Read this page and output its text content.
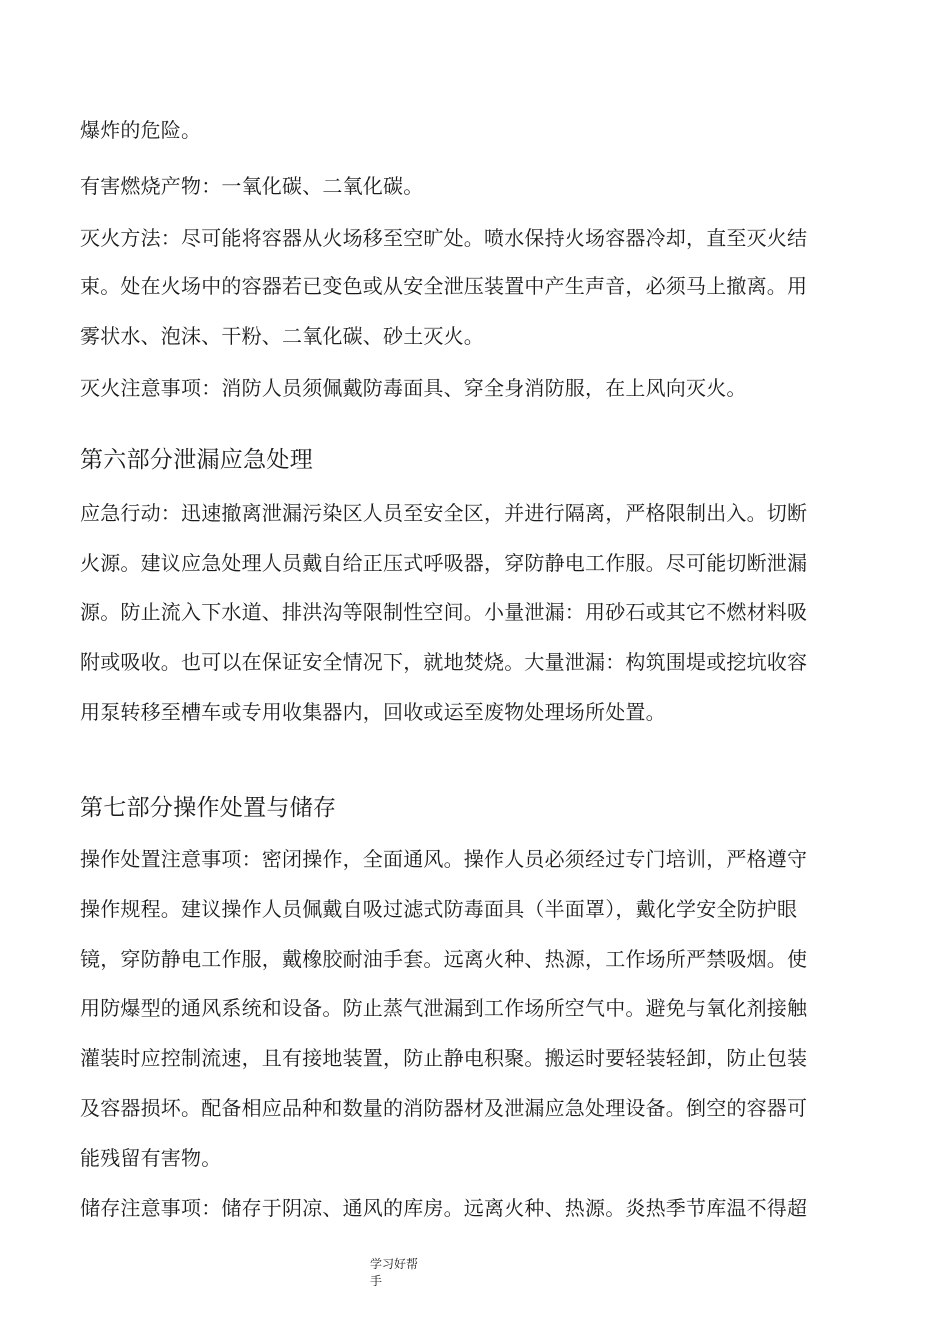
爆炸的危险。
有害燃烧产物：一氧化碳、二氧化碳。
灭火方法：尽可能将容器从火场移至空旷处。喷水保持火场容器冷却，直至灭火结
束。处在火场中的容器若已变色或从安全泄压装置中产生声音，必须马上撤离。用
雾状水、泡沫、干粉、二氧化碳、砂土灭火。
灭火注意事项：消防人员须佩戴防毒面具、穿全身消防服，在上风向灭火。
第六部分泄漏应急处理
应急行动：迅速撤离泄漏污染区人员至安全区，并进行隔离，严格限制出入。切断
火源。建议应急处理人员戴自给正压式呼吸器，穿防静电工作服。尽可能切断泄漏
源。防止流入下水道、排洪沟等限制性空间。小量泄漏：用砂石或其它不燃材料吸
附或吸收。也可以在保证安全情况下，就地焚烧。大量泄漏：构筑围堤或挖坑收容
用泵转移至槽车或专用收集器内，回收或运至废物处理场所处置。
第七部分操作处置与储存
操作处置注意事项：密闭操作，全面通风。操作人员必须经过专门培训，严格遵守
操作规程。建议操作人员佩戴自吸过滤式防毒面具（半面罩），戴化学安全防护眼
镜，穿防静电工作服，戴橡胶耐油手套。远离火种、热源，工作场所严禁吸烟。使
用防爆型的通风系统和设备。防止蒸气泄漏到工作场所空气中。避免与氧化剂接触
灌装时应控制流速，且有接地装置，防止静电积聚。搬运时要轻装轻卸，防止包装
及容器损坏。配备相应品种和数量的消防器材及泄漏应急处理设备。倒空的容器可
能残留有害物。
储存注意事项：储存于阴凉、通风的库房。远离火种、热源。炎热季节库温不得超
学习好帮
手
